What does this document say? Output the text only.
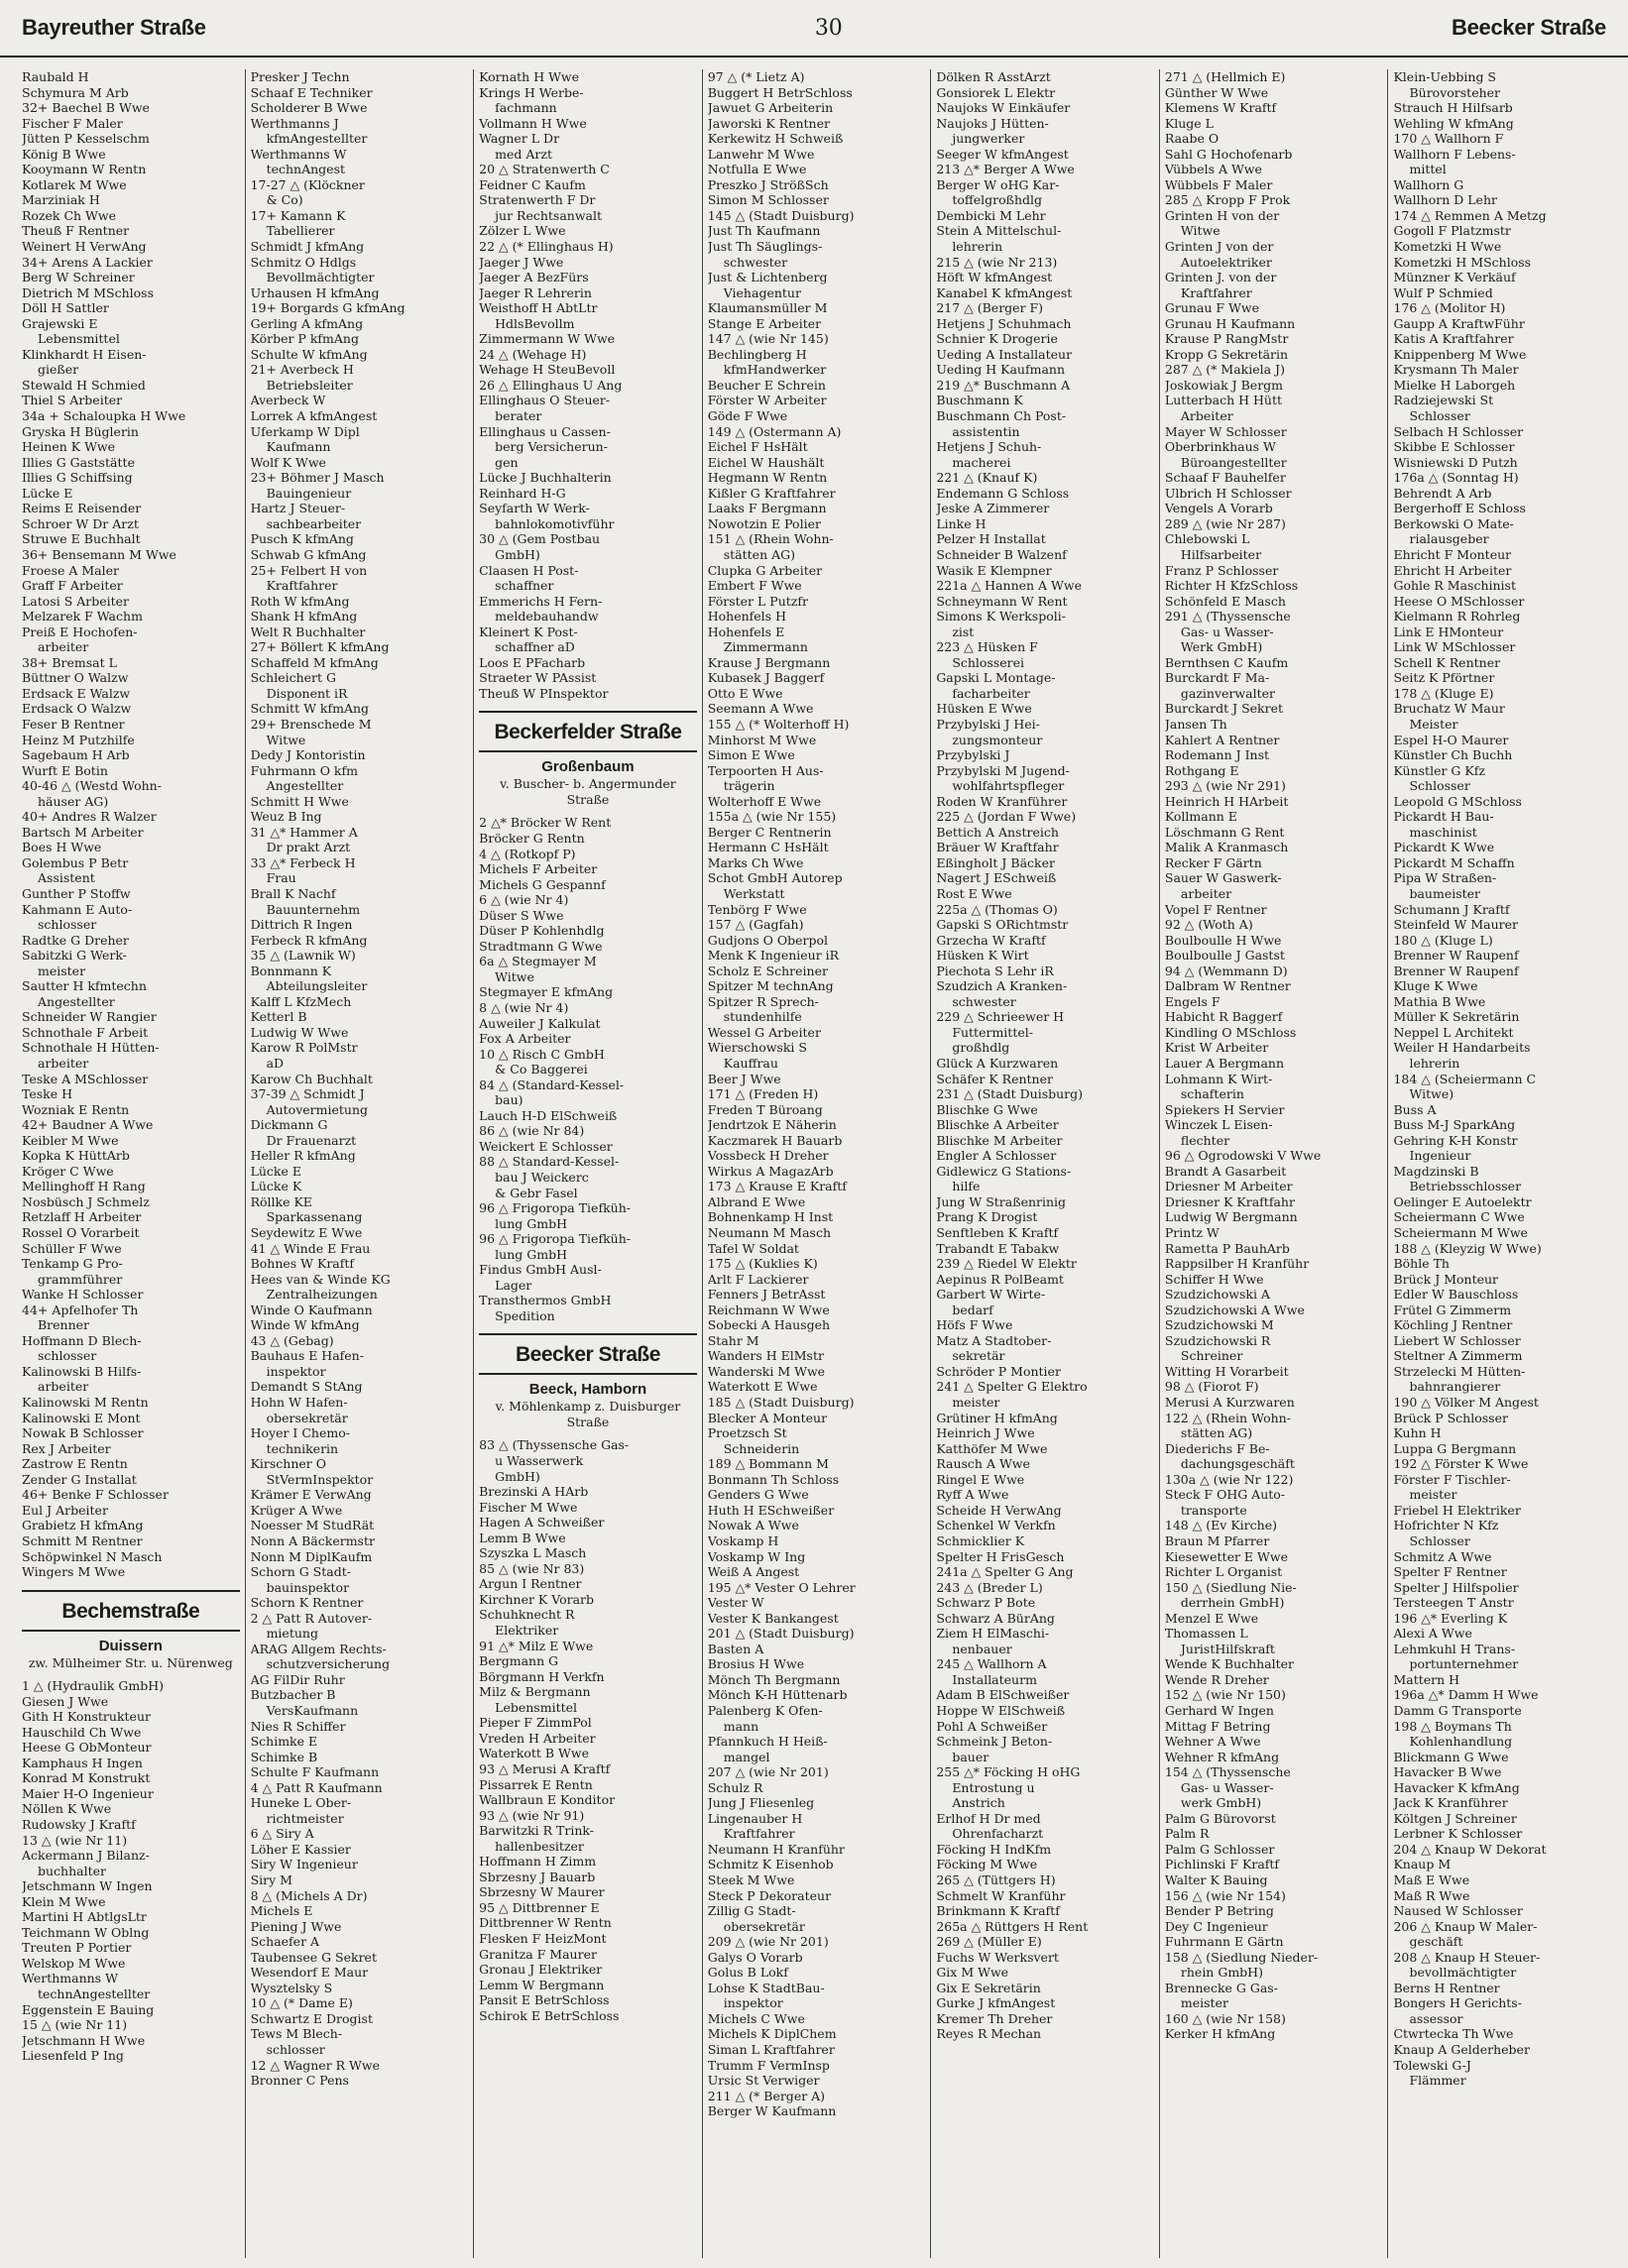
Bayreuther Straße	30	Beecker Straße
Raubald H
Schymura M Arb
32+ Baechel B Wwe
Fischer F Maler
Jütten P Kesselschm
König B Wwe
Kooymann W Rentn
Kotlarek M Wwe
Marziniak H
Rozek Ch Wwe
Theuß F Rentner
Weinert H VerwAng
34+ Arens A Lackier
Berg W Schreiner
Dietrich M MSchloss
Döll H Sattler
Grajewski E
Lebensmittel
Klinkhardt H Eisen-
gießer
Stewald H Schmied
Thiel S Arbeiter
34a + Schaloupka H Wwe
Gryska H Büglerin
Heinen K Wwe
Illies G Gaststätte
Illies G Schiffsing
Lücke E
Reims E Reisender
Schroer W Dr Arzt
Struwe E Buchhalt
36+ Bensemann M Wwe
Froese A Maler
Graff F Arbeiter
Latosi S Arbeiter
Melzarek F Wachm
Preiß E Hochofen-
arbeiter
38+ Bremsat L
Büttner O Walzw
Erdsack E Walzw
Erdsack O Walzw
Feser B Rentner
Heinz M Putzhilfe
Sagebaum H Arb
Wurft E Botin
40-46 △ (Westd Wohn-
häuser AG)
40+ Andres R Walzer
Bartsch M Arbeiter
Boes H Wwe
Golembus P Betr
Assistent
Gunther P Stoffw
Kahmann E Auto-
schlosser
Radtke G Dreher
Sabitzki G Werk-
meister
Sautter H kfmtechn
Angestellter
Schneider W Rangier
Schnothale F Arbeit
Schnothale H Hütten-
arbeiter
Teske A MSchlosser
Teske H
Wozniak E Rentn
42+ Baudner A Wwe
Keibler M Wwe
Kopka K HüttArb
Kröger C Wwe
Mellinghoff H Rang
Nosbüsch J Schmelz
Retzlaff H Arbeiter
Rossel O Vorarbeit
Schüller F Wwe
Tenkamp G Pro-
grammführer
Wanke H Schlosser
44+ Apfelhofer Th
Brenner
Hoffmann D Blech-
schlosser
Kalinowski B Hilfs-
arbeiter
Kalinowski M Rentn
Kalinowski E Mont
Nowak B Schlosser
Rex J Arbeiter
Zastrow E Rentn
Zender G Installat
46+ Benke F Schlosser
Eul J Arbeiter
Grabietz H kfmAng
Schmitt M Rentner
Schöpwinkel N Masch
Wingers M Wwe
Bechemstraße
Duissern
zw. Mülheimer Str. u. Nürenweg
1 △ (Hydraulik GmbH)
Giesen J Wwe
Gith H Konstrukteur
Hauschild Ch Wwe
Heese G ObMonteur
Kamphaus H Ingen
Konrad M Konstrukt
Maier H-O Ingenieur
Nöllen K Wwe
Rudowsky J Kraftf
13 △ (wie Nr 11)
Ackermann J Bilanz-
buchhalter
Jetschmann W Ingen
Klein M Wwe
Martini H AbtlgsLtr
Teichmann W Oblng
Treuten P Portier
Welskop M Wwe
Werthmanns W
technAngestellter
Eggenstein E Bauing
15 △ (wie Nr 11)
Jetschmann H Wwe
Liesenfeld P Ing
Presker J Techn
Schaaf E Techniker
Scholderer B Wwe
Werthmanns J
kfmAngestellter
Werthmanns W
technAngest
17-27 △ (Klöckner
& Co)
17+ Kamann K
Tabellierer
Schmidt J kfmAng
Schmitz O Hdlgs
Bevollmächtigter
Urhausen H kfmAng
19+ Borgards G kfmAng
Gerling A kfmAng
Körber P kfmAng
Schulte W kfmAng
21+ Averbeck H
Betriebsleiter
Averbeck W
Lorrek A kfmAngest
Uferkamp W Dipl
Kaufmann
Wolf K Wwe
23+ Böhmer J Masch
Bauingenieur
Hartz J Steuer-
sachbearbeiter
Pusch K kfmAng
Schwab G kfmAng
25+ Felbert H von
Kraftfahrer
Roth W kfmAng
Shank H kfmAng
Welt R Buchhalter
27+ Böllert K kfmAng
Schaffeld M kfmAng
Schleichert G
Disponent iR
Schmitt W kfmAng
29+ Brenschede M
Witwe
Dedy J Kontoristin
Fuhrmann O kfm
Angestellter
Schmitt H Wwe
Weuz B Ing
31 △* Hammer A
Dr prakt Arzt
33 △* Ferbeck H
Frau
Brall K Nachf
Bauunternehm
Dittrich R Ingen
Ferbeck R kfmAng
35 △ (Lawnik W)
Bonnmann K
Abteilungsleiter
Kalff L KfzMech
Ketterl B
Ludwig W Wwe
Karow R PolMstr
aD
Karow Ch Buchhalt
37-39 △ Schmidt J
Autovermietung
Dickmann G
Dr Frauenarzt
Heller R kfmAng
Lücke E
Lücke K
Röllke KE
Sparkassenang
Seydewitz E Wwe
41 △ Winde E Frau
Bohnes W Kraftf
Hees van & Winde KG
Zentralheizungen
Winde O Kaufmann
Winde W kfmAng
43 △ (Gebag)
Bauhaus E Hafen-
inspektor
Demandt S StAng
Hohn W Hafen-
obersekretär
Hoyer I Chemo-
technikerin
Kirschner O
StVermInspektor
Krämer E VerwAng
Krüger A Wwe
Noesser M StudRät
Nonn A Bäckermstr
Nonn M DiplKaufm
Schorn G Stadt-
bauinspektor
Schorn K Rentner
2 △ Patt R Autover-
mietung
ARAG Allgem Rechts-
schutzversicherung
AG FilDir Ruhr
Butzbacher B
VersKaufmann
Nies R Schiffer
Schimke E
Schimke B
Schulte F Kaufmann
4 △ Patt R Kaufmann
Huneke L Ober-
richtmeister
6 △ Siry A
Löher E Kassier
Siry W Ingenieur
Siry M
8 △ (Michels A Dr)
Michels E
Piening J Wwe
Schaefer A
Taubensee G Sekret
Wesendorf E Maur
Wysztelsky S
10 △ (* Dame E)
Schwartz E Drogist
Tews M Blech-
schlosser
12 △ Wagner R Wwe
Bronner C Pens
Kornath H Wwe
Krings H Werbe-
fachmann
Vollmann H Wwe
Wagner L Dr
med Arzt
20 △ Stratenwerth C
Feidner C Kaufm
Stratenwerth F Dr
jur Rechtsanwalt
Zölzer L Wwe
22 △ (* Ellinghaus H)
Jaeger J Wwe
Jaeger A BezFürs
Jaeger R Lehrerin
Weisthoff H AbtLtr
HdlsBevollm
Zimmermann W Wwe
24 △ (Wehage H)
Wehage H SteuBevoll
26 △ Ellinghaus U Ang
Ellinghaus O Steuer-
berater
Ellinghaus u Cassen-
berg Versicherun-
gen
Lücke J Buchhalterin
Reinhard H-G
Seyfarth W Werk-
bahnlokomotivführ
30 △ (Gem Postbau
GmbH)
Claasen H Post-
schaffner
Emmerichs H Fern-
meldebauhandw
Kleinert K Post-
schaffner aD
Loos E PFacharb
Straeter W PAssist
Theuß W PInspektor
Beckerfelder Straße
Großenbaum
v. Buscher- b. Angermunder Straße
2 △* Bröcker W Rent
Bröcker G Rentn
4 △ (Rotkopf P)
Michels F Arbeiter
Michels G Gespannf
6 △ (wie Nr 4)
Düser S Wwe
Düser P Kohlenhdlg
Stradtmann G Wwe
6a △ Stegmayer M
Witwe
Stegmayer E kfmAng
8 △ (wie Nr 4)
Auweiler J Kalkulat
Fox A Arbeiter
10 △ Risch C GmbH
& Co Baggerei
84 △ (Standard-Kessel-
bau)
Lauch H-D ElSchweiß
86 △ (wie Nr 84)
Weickert E Schlosser
88 △ Standard-Kessel-
bau J Weickerc
& Gebr Fasel
96 △ Frigoropa Tiefküh-
lung GmbH
96 △ Frigoropa Tiefküh-
lung GmbH
Findus GmbH Ausl-
Lager
Transthermos GmbH
Spedition
Beecker Straße
Beeck, Hamborn
v. Möhlenkamp z. Duisburger Straße
83 △ (Thyssensche Gas-
u Wasserwerk
GmbH)
Brezinski A HArb
Fischer M Wwe
Hagen A Schweißer
Lemm B Wwe
Szyszka L Masch
85 △ (wie Nr 83)
Argun I Rentner
Kirchner K Vorarb
Schuhknecht R
Elektriker
91 △* Milz E Wwe
Bergmann G
Börgmann H Verkfn
Milz & Bergmann
Lebensmittel
Pieper F ZimmPol
Vreden H Arbeiter
Waterkott B Wwe
93 △ Merusi A Kraftf
Pissarrek E Rentn
Wallbraun E Konditor
93 △ (wie Nr 91)
Barwitzki R Trink-
hallenbesitzer
Hoffmann H Zimm
Sbrzesny J Bauarb
Sbrzesny W Maurer
95 △ Dittbrenner E
Dittbrenner W Rentn
Flesken F HeizMont
Granitza F Maurer
Gronau J Elektriker
Lemm W Bergmann
Pansit E BetrSchloss
Schirok E BetrSchloss
97 △ (* Lietz A)
Buggert H BetrSchloss
Jawuet G Arbeiterin
Jaworski K Rentner
Kerkewitz H Schweiß
Lanwehr M Wwe
Notfulla E Wwe
Preszko J StrößSch
Simon M Schlosser
145 △ (Stadt Duisburg)
Just Th Kaufmann
Just Th Säuglings-
schwester
Just & Lichtenberg
Viehagentur
Klaumansmüller M
Stange E Arbeiter
147 △ (wie Nr 145)
Bechlingberg H
kfmHandwerker
Beucher E Schrein
Förster W Arbeiter
Göde F Wwe
149 △ (Ostermann A)
Eichel F HsHält
Eichel W Haushält
Hegmann W Rentn
Kißler G Kraftfahrer
Laaks F Bergmann
Nowotzin E Polier
151 △ (Rhein Wohn-
stätten AG)
Clupka G Arbeiter
Embert F Wwe
Förster L Putzfr
Hohenfels H
Hohenfels E
Zimmermann
Krause J Bergmann
Kubasek J Baggerf
Otto E Wwe
Seemann A Wwe
155 △ (* Wolterhoff H)
Minhorst M Wwe
Simon E Wwe
Terpoorten H Aus-
trägerin
Wolterhoff E Wwe
155a △ (wie Nr 155)
Berger C Rentnerin
Hermann C HsHält
Marks Ch Wwe
Schot GmbH Autorep
Werkstatt
Tenbörg F Wwe
157 △ (Gagfah)
Gudjons O Oberpol
Menk K Ingenieur iR
Scholz E Schreiner
Spitzer M technAng
Spitzer R Sprech-
stundenhilfe
Wessel G Arbeiter
Wierschowski S
Kauffrau
Beer J Wwe
171 △ (Freden H)
Freden T Büroang
Jendrtzok E Näherin
Kaczmarek H Bauarb
Vossbeck H Dreher
Wirkus A MagazArb
173 △ Krause E Kraftf
Albrand E Wwe
Bohnenkamp H Inst
Neumann M Masch
Tafel W Soldat
175 △ (Kuklies K)
Arlt F Lackierer
Fenners J BetrAsst
Reichmann W Wwe
Sobecki A Hausgeh
Stahr M
Wanders H ElMstr
Wanderski M Wwe
Waterkott E Wwe
185 △ (Stadt Duisburg)
Blecker A Monteur
Proetzsch St
Schneiderin
189 △ Bommann M
Bonmann Th Schloss
Genders G Wwe
Huth H ESchweißer
Nowak A Wwe
Voskamp H
Voskamp W Ing
Weiß A Angest
195 △* Vester O Lehrer
Vester W
Vester K Bankangest
201 △ (Stadt Duisburg)
Basten A
Brosius H Wwe
Mönch Th Bergmann
Mönch K-H Hüttenarb
Palenberg K Ofen-
mann
Pfannkuch H Heiß-
mangel
207 △ (wie Nr 201)
Schulz R
Jung J Fliesenleg
Lingenauber H
Kraftfahrer
Neumann H Kranführ
Schmitz K Eisenhob
Steek M Wwe
Steck P Dekorateur
Zillig G Stadt-
obersekretär
209 △ (wie Nr 201)
Galys O Vorarb
Golus B Lokf
Lohse K StadtBau-
inspektor
Michels C Wwe
Michels K DiplChem
Siman L Kraftfahrer
Trumm F VermInsp
Ursic St Verwiger
211 △ (* Berger A)
Berger W Kaufmann
Dölken R AsstArzt
Gonsiorek L Elektr
Naujoks W Einkäufer
Naujoks J Hütten-
jungwerker
Seeger W kfmAngest
213 △* Berger A Wwe
Berger W oHG Kar-
toffelgroßhdlg
Dembicki M Lehr
Stein A Mittelschul-
lehrerin
215 △ (wie Nr 213)
Höft W kfmAngest
Kanabel K kfmAngest
217 △ (Berger F)
Hetjens J Schuhmach
Schnier K Drogerie
Ueding A Installateur
Ueding H Kaufmann
219 △* Buschmann A
Buschmann K
Buschmann Ch Post-
assistentin
Hetjens J Schuh-
macherei
221 △ (Knauf K)
Endemann G Schloss
Jeske A Zimmerer
Linke H
Pelzer H Installat
Schneider B Walzenf
Wasik E Klempner
221a △ Hannen A Wwe
Schneymann W Rent
Simons K Werkspoli-
zist
223 △ Hüsken F
Schlosserei
Gapski L Montage-
facharbeiter
Hüsken E Wwe
Przybylski J Hei-
zungsmonteur
Przybylski J
Przybylski M Jugend-
wohlfahrtspfleger
Roden W Kranführer
225 △ (Jordan F Wwe)
Bettich A Anstreich
Bräuer W Kraftfahr
Eßingholt J Bäcker
Nagert J ESchweiß
Rost E Wwe
225a △ (Thomas O)
Gapski S ORichtmstr
Grzecha W Kraftf
Hüsken K Wirt
Piechota S Lehr iR
Szudzich A Kranken-
schwester
229 △ Schrieewer H
Futtermittel-
großhdlg
Glück A Kurzwaren
Schäfer K Rentner
231 △ (Stadt Duisburg)
Blischke G Wwe
Blischke A Arbeiter
Blischke M Arbeiter
Engler A Schlosser
Gidlewicz G Stations-
hilfe
Jung W Straßenrinig
Prang K Drogist
Senftleben K Kraftf
Trabandt E Tabakw
239 △ Riedel W Elektr
Aepinus R PolBeamt
Garbert W Wirte-
bedarf
Höfs F Wwe
Matz A Stadtober-
sekretär
Schröder P Montier
241 △ Spelter G Elektro
meister
Grütiner H kfmAng
Heinrich J Wwe
Katthöfer M Wwe
Rausch A Wwe
Ringel E Wwe
Ryff A Wwe
Scheide H VerwAng
Schenkel W Verkfn
Schmicklier K
Spelter H FrisGesch
241a △ Spelter G Ang
243 △ (Breder L)
Schwarz P Bote
Schwarz A BürAng
Ziem H ElMaschi-
nenbauer
245 △ Wallhorn A
Installateurm
Adam B ElSchweißer
Hoppe W ElSchweiß
Pohl A Schweißer
Schmeink J Beton-
bauer
255 △* Föcking H oHG
Entrostung u
Anstrich
Erlhof H Dr med
Ohrenfacharzt
Föcking H IndKfm
Föcking M Wwe
265 △ (Tüttgers H)
Schmelt W Kranführ
Brinkmann K Kraftf
265a △ Rüttgers H Rent
269 △ (Müller E)
Fuchs W Werksvert
Gix M Wwe
Gix E Sekretärin
Gurke J kfmAngest
Kremer Th Dreher
Reyes R Mechan
271 △ (Hellmich E)
Günther W Wwe
Klemens W Kraftf
Kluge L
Raabe O
Sahl G Hochofenarb
Vübbels A Wwe
Wübbels F Maler
285 △ Kropp F Prok
Grinten H von der
Witwe
Grinten J von der
Autoelektriker
Grinten J. von der
Kraftfahrer
Grunau F Wwe
Grunau H Kaufmann
Krause P RangMstr
Kropp G Sekretärin
287 △ (* Makiela J)
Joskowiak J Bergm
Lutterbach H Hütt
Arbeiter
Mayer W Schlosser
Oberbrinkhaus W
Büroangestellter
Schaaf F Bauhelfer
Ulbrich H Schlosser
Vengels A Vorarb
289 △ (wie Nr 287)
Chlebowski L
Hilfsarbeiter
Franz P Schlosser
Richter H KfzSchloss
Schönfeld E Masch
291 △ (Thyssensche
Gas- u Wasser-
Werk GmbH)
Bernthsen C Kaufm
Burckardt F Ma-
gazinverwalter
Burckardt J Sekret
Jansen Th
Kahlert A Rentner
Rodemann J Inst
Rothgang E
293 △ (wie Nr 291)
Heinrich H HArbeit
Kollmann E
Löschmann G Rent
Malik A Kranmasch
Recker F Gärtn
Sauer W Gaswerk-
arbeiter
Vopel F Rentner
92 △ (Woth A)
Boulboulle H Wwe
Boulboulle J Gastst
94 △ (Wemmann D)
Dalbram W Rentner
Engels F
Habicht R Baggerf
Kindling O MSchloss
Krist W Arbeiter
Lauer A Bergmann
Lohmann K Wirt-
schafterin
Spiekers H Servier
Winczek L Eisen-
flechter
96 △ Ogrodowski V Wwe
Brandt A Gasarbeit
Driesner M Arbeiter
Driesner K Kraftfahr
Ludwig W Bergmann
Printz W
Rametta P BauhArb
Rappsilber H Kranführ
Schiffer H Wwe
Szudzichowski A
Szudzichowski A Wwe
Szudzichowski M
Szudzichowski R
Schreiner
Witting H Vorarbeit
98 △ (Fiorot F)
Merusi A Kurzwaren
122 △ (Rhein Wohn-
stätten AG)
Diederichs F Be-
dachungsgeschäft
130a △ (wie Nr 122)
Steck F OHG Auto-
transporte
148 △ (Ev Kirche)
Braun M Pfarrer
Kiesewetter E Wwe
Richter L Organist
150 △ (Siedlung Nie-
derrhein GmbH)
Menzel E Wwe
Thomassen L
JuristHilfskraft
Wende K Buchhalter
Wende R Dreher
152 △ (wie Nr 150)
Gerhard W Ingen
Mittag F Betring
Wehner A Wwe
Wehner R kfmAng
154 △ (Thyssensche
Gas- u Wasser-
werk GmbH)
Palm G Bürovorst
Palm R
Palm G Schlosser
Pichlinski F Kraftf
Walter K Bauing
156 △ (wie Nr 154)
Bender P Betring
Dey C Ingenieur
Fuhrmann E Gärtn
158 △ (Siedlung Nieder-
rhein GmbH)
Brennecke G Gas-
meister
160 △ (wie Nr 158)
Kerker H kfmAng
Klein-Uebbing S
Bürovorsteher
Strauch H Hilfsarb
Wehling W kfmAng
170 △ Wallhorn F
Wallhorn F Lebens-
mittel
Wallhorn G
Wallhorn D Lehr
174 △ Remmen A Metzg
Gogoll F Platzmstr
Kometzki H Wwe
Kometzki H MSchloss
Münzner K Verkäuf
Wulf P Schmied
176 △ (Molitor H)
Gaupp A KraftwFühr
Katis A Kraftfahrer
Knippenberg M Wwe
Krysmann Th Maler
Mielke H Laborgeh
Radziejewski St
Schlosser
Selbach H Schlosser
Skibbe E Schlosser
Wisniewski D Putzh
176a △ (Sonntag H)
Behrendt A Arb
Bergerhoff E Schloss
Berkowski O Mate-
rialausgeber
Ehricht F Monteur
Ehricht H Arbeiter
Gohle R Maschinist
Heese O MSchlosser
Kielmann R Rohrleg
Link E HMonteur
Link W MSchlosser
Schell K Rentner
Seitz K Pförtner
178 △ (Kluge E)
Bruchatz W Maur
Meister
Espel H-O Maurer
Künstler Ch Buchh
Künstler G Kfz
Schlosser
Leopold G MSchloss
Pickardt H Bau-
maschinist
Pickardt K Wwe
Pickardt M Schaffn
Pipa W Straßen-
baumeister
Schumann J Kraftf
Steinfeld W Maurer
180 △ (Kluge L)
Brenner W Raupenf
Brenner W Raupenf
Kluge K Wwe
Mathia B Wwe
Müller K Sekretärin
Neppel L Architekt
Weiler H Handarbeits
lehrerin
184 △ (Scheiermann C
Witwe)
Buss A
Buss M-J SparkAng
Gehring K-H Konstr
Ingenieur
Magdzinski B
Betriebsschlosser
Oelinger E Autoelektr
Scheiermann C Wwe
Scheiermann M Wwe
188 △ (Kleyzig W Wwe)
Böhle Th
Brück J Monteur
Edler W Bauschloss
Frütel G Zimmerm
Köchling J Rentner
Liebert W Schlosser
Steltner A Zimmerm
Strzelecki M Hütten-
bahnrangierer
190 △ Völker M Angest
Brück P Schlosser
Kuhn H
Luppa G Bergmann
192 △ Förster K Wwe
Förster F Tischler-
meister
Friebel H Elektriker
Hofrichter N Kfz
Schlosser
Schmitz A Wwe
Spelter F Rentner
Spelter J Hilfspolier
Tersteegen T Anstr
196 △* Everling K
Alexi A Wwe
Lehmkuhl H Trans-
portunternehmer
Mattern H
196a △* Damm H Wwe
Damm G Transporte
198 △ Boymans Th
Kohlenhandlung
Blickmann G Wwe
Havacker B Wwe
Havacker K kfmAng
Jack K Kranführer
Költgen J Schreiner
Lerbner K Schlosser
204 △ Knaup W Dekorat
Knaup M
Maß E Wwe
Maß R Wwe
Naused W Schlosser
206 △ Knaup W Maler-
geschäft
208 △ Knaup H Steuer-
bevollmächtigter
Berns H Rentner
Bongers H Gerichts-
assessor
Ctwrtecka Th Wwe
Knaup A Gelderheber
Tolewski G-J
Flämmer
